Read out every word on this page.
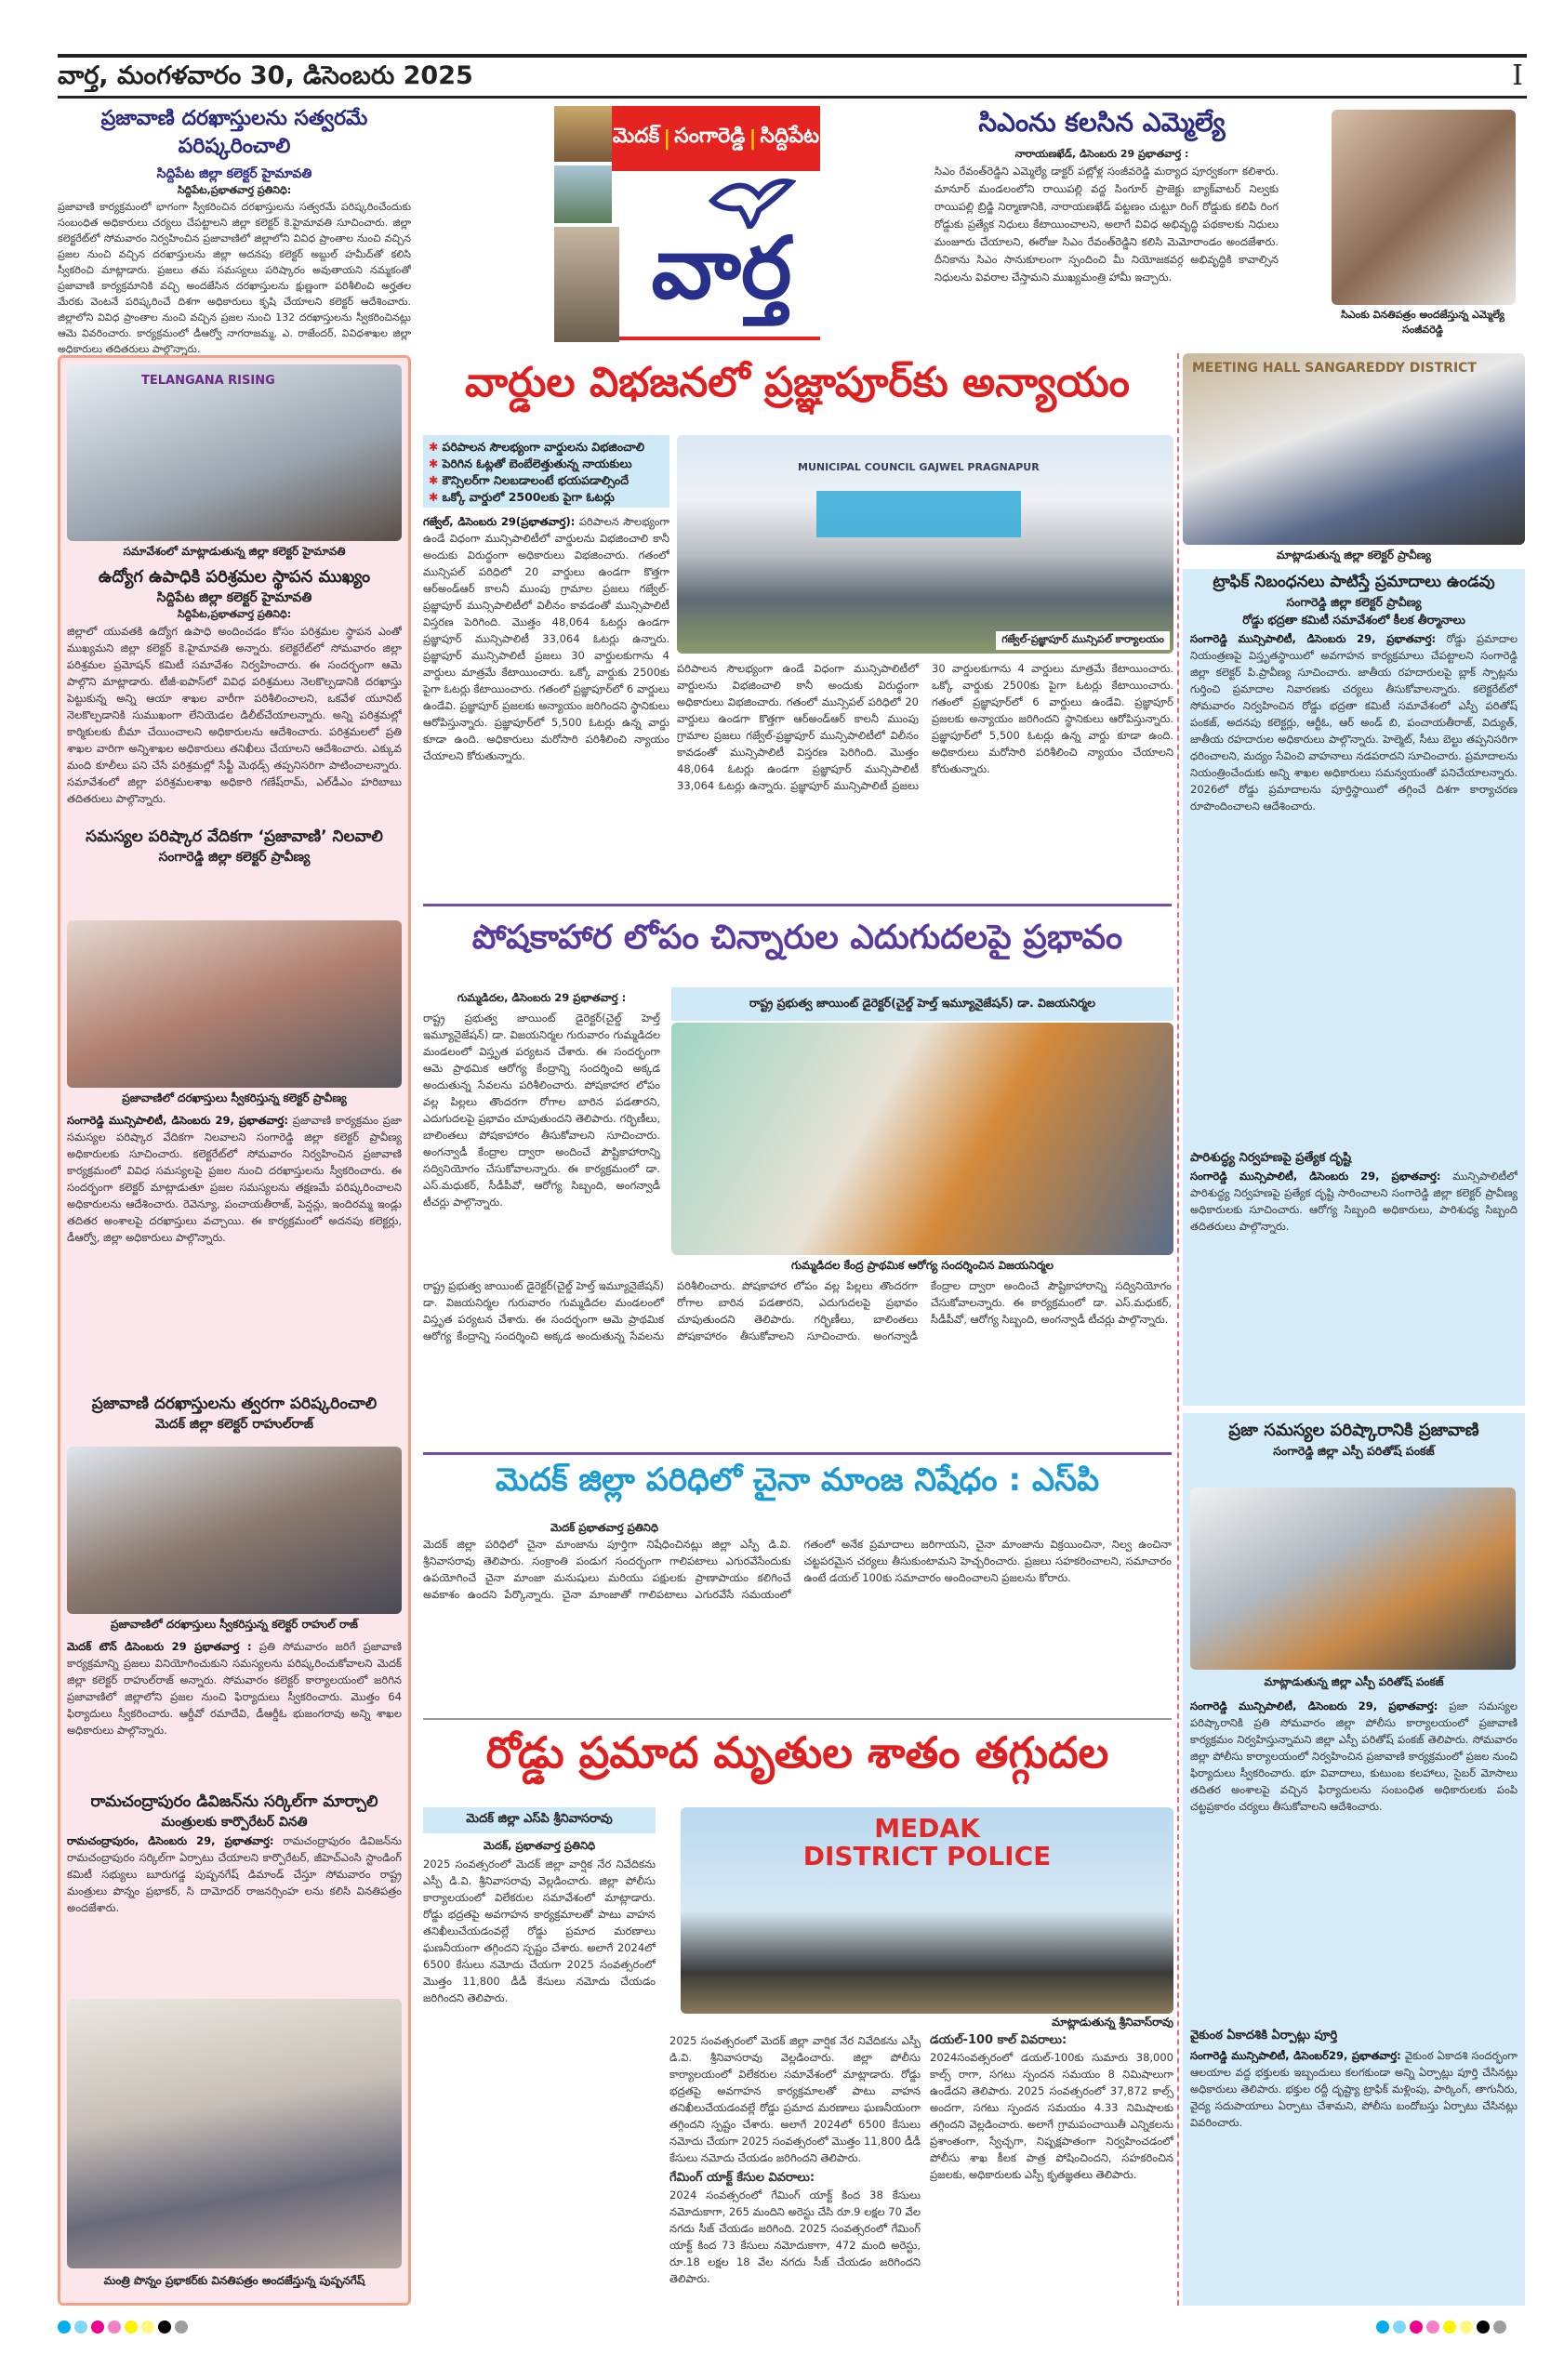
వార్త, మంగళవారం 30, డిసెంబరు 2025	I
ప్రజావాణి దరఖాస్తులను సత్వరమే పరిష్కరించాలి
సిద్దిపేట జిల్లా కలెక్టర్ హైమావతి
సిద్దిపేట,ప్రభాతవార్త ప్రతినిధి:
ప్రజావాణి కార్యక్రమంలో భాగంగా స్వీకరించిన దరఖాస్తులను సత్వరమే పరిష్కరించేందుకు సంబంధిత అధికారులు చర్యలు చేపట్టాలని జిల్లా కలెక్టర్ కె.హైమావతి సూచించారు. జిల్లా కలెక్టరేట్‌లో సోమవారం నిర్వహించిన ప్రజావాణిలో జిల్లాలోని వివిధ ప్రాంతాల నుంచి వచ్చిన ప్రజల నుంచి వచ్చిన దరఖాస్తులను జిల్లా అదనపు కలెక్టర్ అబ్దుల్ హమీద్‌తో కలిసి స్వీకరించి మాట్లాడారు. ప్రజలు తమ సమస్యలు పరిష్కారం అవుతాయని నమ్మకంతో ప్రజావాణి కార్యక్రమానికి వచ్చి అందజేసిన దరఖాస్తులను క్షుణ్ణంగా పరిశీలించి అర్హతల మేరకు వెంటనే పరిష్కరించే దిశగా అధికారులు కృషి చేయాలని కలెక్టర్ ఆదేశించారు. జిల్లాలోని వివిధ ప్రాంతాల నుంచి వచ్చిన ప్రజల నుంచి 132 దరఖాస్తులను స్వీకరించినట్లు ఆమె వివరించారు. కార్యక్రమంలో డీఆర్వో నాగరాజమ్మ, ఎ. రాజేందర్, వివిధశాఖల జిల్లా అధికారులు తదితరులు పాల్గొన్నారు.
మెదక్ | సంగారెడ్డి | సిద్దిపేట
వార్త
సిఎంను కలసిన ఎమ్మెల్యే
నారాయణఖేడ్, డిసెంబరు 29 ప్రభాతవార్త :
సిఎం రేవంత్‌రెడ్డిని ఎమ్మెల్యే డాక్టర్ పట్లోళ్ల సంజీవరెడ్డి మర్యాద పూర్వకంగా కలిశారు. మానూర్ మండలంలోని రాయిపల్లి వద్ద సింగూర్ ప్రాజెక్టు బ్యాక్‌వాటర్ నిల్వకు రాయిపల్లి బ్రిడ్జి నిర్మాణానికి, నారాయణఖేడ్ పట్టణం చుట్టూ రింగ్ రోడ్డుకు కలిపి రింగ రోడ్డుకు ప్రత్యేక నిధులు కేటాయించాలని, అలాగే వివిధ అభివృద్ధి పథకాలకు నిధులు మంజూరు చేయాలని, ఈరోజు సిఎం రేవంత్‌రెడ్డిని కలిసి మెమోరాండం అందజేశారు. దీనికాను సిఎం సానుకూలంగా స్పందించి మీ నియోజకవర్గ అభివృద్ధికి కావాల్సిన నిధులను వివరాల చేస్తామని ముఖ్యమంత్రి హామీ ఇచ్చారు.
సిఎంకు వినతిపత్రం అందజేస్తున్న ఎమ్మెల్యే సంజీవరెడ్డి
TELANGANA RISING
సమావేశంలో మాట్లాడుతున్న జిల్లా కలెక్టర్ హైమావతి
ఉద్యోగ ఉపాధికి పరిశ్రమల స్థాపన ముఖ్యం
సిద్దిపేట జిల్లా కలెక్టర్ హైమావతి
సిద్దిపేట,ప్రభాతవార్త ప్రతినిధి:
జిల్లాలో యువతకి ఉద్యోగ ఉపాధి అందించడం కోసం పరిశ్రమల స్థాపన ఎంతో ముఖ్యమని జిల్లా కలెక్టర్ కె.హైమావతి అన్నారు. కలెక్టరేట్‌లో సోమవారం జిల్లా పరిశ్రమల ప్రమోషన్ కమిటీ సమావేశం నిర్వహించారు. ఈ సందర్భంగా ఆమె పాల్గొని మాట్లాడారు. టీజీ-ఐపాస్‌లో వివిధ పరిశ్రమలు నెలకొల్పడానికి దరఖాస్తు పెట్టుకున్న అన్ని ఆయా శాఖల వారీగా పరిశీలించాలని, ఒకవేళ యూనిట్ నెలకొల్పడానికి సుముఖంగా లేనియెడల డిలీట్‌చేయాలన్నారు. అన్ని పరిశ్రమల్లో కార్మికులకు బీమా చేయించాలని అధికారులను ఆదేశించారు. పరిశ్రమలలో ప్రతి శాఖల వారిగా అన్నిశాఖల అధికారులు తనిఖీలు చేయాలని ఆదేశించారు. ఎక్కువ మంది కూలీలు పని చేసే పరిశ్రమల్లో సేఫ్టీ మెథడ్స్ తప్పనిసరిగా పాటించాలన్నారు. సమావేశంలో జిల్లా పరిశ్రమలశాఖ అధికారి గణేష్‌రామ్, ఎల్‌డీఎం హరిబాబు తదితరులు పాల్గొన్నారు.
సమస్యల పరిష్కార వేదికగా ‘ప్రజావాణి’ నిలవాలి
సంగారెడ్డి జిల్లా కలెక్టర్ ప్రావీణ్య
ప్రజావాణిలో దరఖాస్తులు స్వీకరిస్తున్న కలెక్టర్ ప్రావీణ్య
సంగారెడ్డి మున్సిపాలిటీ, డిసెంబరు 29, ప్రభాతవార్త: ప్రజావాణి కార్యక్రమం ప్రజా సమస్యల పరిష్కార వేదికగా నిలవాలని సంగారెడ్డి జిల్లా కలెక్టర్ ప్రావీణ్య అధికారులకు సూచించారు. కలెక్టరేట్‌లో సోమవారం నిర్వహించిన ప్రజావాణి కార్యక్రమంలో వివిధ సమస్యలపై ప్రజల నుంచి దరఖాస్తులను స్వీకరించారు. ఈ సందర్భంగా కలెక్టర్ మాట్లాడుతూ ప్రజల సమస్యలను తక్షణమే పరిష్కరించాలని అధికారులను ఆదేశించారు. రెవెన్యూ, పంచాయతీరాజ్, పెన్షన్లు, ఇందిరమ్మ ఇండ్లు తదితర అంశాలపై దరఖాస్తులు వచ్చాయి. ఈ కార్యక్రమంలో అదనపు కలెక్టర్లు, డీఆర్వో, జిల్లా అధికారులు పాల్గొన్నారు.
ప్రజావాణి దరఖాస్తులను త్వరగా పరిష్కరించాలి
మెదక్ జిల్లా కలెక్టర్ రాహుల్‌రాజ్
ప్రజావాణిలో దరఖాస్తులు స్వీకరిస్తున్న కలెక్టర్ రాహుల్ రాజ్
మెదక్ టౌన్ డిసెంబరు 29 ప్రభాతవార్త : ప్రతి సోమవారం జరిగే ప్రజావాణి కార్యక్రమాన్ని ప్రజలు వినియోగించుకుని సమస్యలను పరిష్కరించుకోవాలని మెదక్ జిల్లా కలెక్టర్ రాహుల్‌రాజ్ అన్నారు. సోమవారం కలెక్టర్ కార్యాలయంలో జరిగిన ప్రజావాణిలో జిల్లాలోని ప్రజల నుంచి ఫిర్యాదులు స్వీకరించారు. మొత్తం 64 ఫిర్యాదులు స్వీకరించారు. ఆర్డీవో రమాదేవి, డీఆర్డీఓ భుజంగరావు అన్ని శాఖల అధికారులు పాల్గొన్నారు.
రామచంద్రాపురం డివిజన్‌ను సర్కిల్‌గా మార్చాలి
మంత్రులకు కార్పొరేటర్ వినతి
రామచంద్రాపురం, డిసెంబరు 29, ప్రభాతవార్త: రామచంద్రాపురం డివిజన్‌ను రామచంద్రాపురం సర్కిల్‌గా ఏర్పాటు చేయాలని కార్పొరేటర్, జీహెచ్‌ఎంసి స్టాండింగ్ కమిటీ సభ్యులు బూరుగడ్డ పుష్పనగేష్ డిమాండ్ చేస్తూ సోమవారం రాష్ట్ర మంత్రులు పొన్నం ప్రభాకర్, సి దామోదర్ రాజనర్సింహ లను కలిసి వినతిపత్రం అందజేశారు.
మంత్రి పొన్నం ప్రభాకర్‌కు వినతిపత్రం అందజేస్తున్న పుష్పనగేష్
వార్డుల విభజనలో ప్రజ్ఞాపూర్‌కు అన్యాయం
✱ పరిపాలన సౌలభ్యంగా వార్డులను విభజించాలి
✱ పెరిగిన ఓట్లతో బెంబేలెత్తుతున్న నాయకులు
✱ కౌన్సిలర్‌గా నిలబడాలంటే భయపడాల్సిందే
✱ ఒక్కో వార్డులో 2500లకు పైగా ఓటర్లు
MUNICIPAL COUNCIL GAJWEL PRAGNAPUR
గజ్వేల్-ప్రజ్ఞాపూర్ మున్సిపల్ కార్యాలయం
గజ్వేల్, డిసెంబరు 29(ప్రభాతవార్త): పరిపాలన సౌలభ్యంగా ఉండే విధంగా మున్సిపాలిటీలో వార్డులను విభజించాలి కానీ అందుకు విరుద్ధంగా అధికారులు విభజించారు. గతంలో మున్సిపల్ పరిధిలో 20 వార్డులు ఉండగా కొత్తగా ఆర్‌అండ్‌ఆర్ కాలనీ ముంపు గ్రామాల ప్రజలు గజ్వేల్-ప్రజ్ఞాపూర్ మున్సిపాలిటీలో విలీనం కావడంతో మున్సిపాలిటీ విస్తరణ పెరిగింది. మొత్తం 48,064 ఓటర్లు ఉండగా ప్రజ్ఞాపూర్ మున్సిపాలిటీ 33,064 ఓటర్లు ఉన్నారు. ప్రజ్ఞాపూర్ మున్సిపాలిటీ ప్రజలు 30 వార్డులకుగాను 4 వార్డులు మాత్రమే కేటాయించారు. ఒక్కో వార్డుకు 2500కు పైగా ఓటర్లు కేటాయించారు. గతంలో ప్రజ్ఞాపూర్‌లో 6 వార్డులు ఉండేవి. ప్రజ్ఞాపూర్ ప్రజలకు అన్యాయం జరిగిందని స్థానికులు ఆరోపిస్తున్నారు. ప్రజ్ఞాపూర్‌లో 5,500 ఓటర్లు ఉన్న వార్డు కూడా ఉంది. అధికారులు మరోసారి పరిశీలించి న్యాయం చేయాలని కోరుతున్నారు.
పరిపాలన సౌలభ్యంగా ఉండే విధంగా మున్సిపాలిటీలో వార్డులను విభజించాలి కానీ అందుకు విరుద్ధంగా అధికారులు విభజించారు. గతంలో మున్సిపల్ పరిధిలో 20 వార్డులు ఉండగా కొత్తగా ఆర్‌అండ్‌ఆర్ కాలనీ ముంపు గ్రామాల ప్రజలు గజ్వేల్-ప్రజ్ఞాపూర్ మున్సిపాలిటీలో విలీనం కావడంతో మున్సిపాలిటీ విస్తరణ పెరిగింది. మొత్తం 48,064 ఓటర్లు ఉండగా ప్రజ్ఞాపూర్ మున్సిపాలిటీ 33,064 ఓటర్లు ఉన్నారు. ప్రజ్ఞాపూర్ మున్సిపాలిటీ ప్రజలు 30 వార్డులకుగాను 4 వార్డులు మాత్రమే కేటాయించారు. ఒక్కో వార్డుకు 2500కు పైగా ఓటర్లు కేటాయించారు. గతంలో ప్రజ్ఞాపూర్‌లో 6 వార్డులు ఉండేవి. ప్రజ్ఞాపూర్ ప్రజలకు అన్యాయం జరిగిందని స్థానికులు ఆరోపిస్తున్నారు. ప్రజ్ఞాపూర్‌లో 5,500 ఓటర్లు ఉన్న వార్డు కూడా ఉంది. అధికారులు మరోసారి పరిశీలించి న్యాయం చేయాలని కోరుతున్నారు.
పోషకాహార లోపం చిన్నారుల ఎదుగుదలపై ప్రభావం
గుమ్మడిదల, డిసెంబరు 29 ప్రభాతవార్త :
రాష్ట్ర ప్రభుత్వ జాయింట్ డైరెక్టర్(చైల్డ్ హెల్త్ ఇమ్యూనైజేషన్) డా. విజయనిర్మల గురువారం గుమ్మడిదల మండలంలో విస్తృత పర్యటన చేశారు. ఈ సందర్భంగా ఆమె ప్రాథమిక ఆరోగ్య కేంద్రాన్ని సందర్శించి అక్కడ అందుతున్న సేవలను పరిశీలించారు. పోషకాహార లోపం వల్ల పిల్లలు తొందరగా రోగాల బారిన పడతారని, ఎదుగుదలపై ప్రభావం చూపుతుందని తెలిపారు. గర్భిణీలు, బాలింతలు పోషకాహారం తీసుకోవాలని సూచించారు. అంగన్వాడీ కేంద్రాల ద్వారా అందించే పౌష్టికాహారాన్ని సద్వినియోగం చేసుకోవాలన్నారు. ఈ కార్యక్రమంలో డా. ఎస్.మధుకర్, సీడీపీవో, ఆరోగ్య సిబ్బంది, అంగన్వాడీ టీచర్లు పాల్గొన్నారు.
రాష్ట్ర ప్రభుత్వ జాయింట్ డైరెక్టర్(చైల్డ్ హెల్త్ ఇమ్యూనైజేషన్) డా. విజయనిర్మల
గుమ్మడిదల కేంద్ర ప్రాథమిక ఆరోగ్య సందర్శించిన విజయనిర్మల
రాష్ట్ర ప్రభుత్వ జాయింట్ డైరెక్టర్(చైల్డ్ హెల్త్ ఇమ్యూనైజేషన్) డా. విజయనిర్మల గురువారం గుమ్మడిదల మండలంలో విస్తృత పర్యటన చేశారు. ఈ సందర్భంగా ఆమె ప్రాథమిక ఆరోగ్య కేంద్రాన్ని సందర్శించి అక్కడ అందుతున్న సేవలను పరిశీలించారు. పోషకాహార లోపం వల్ల పిల్లలు తొందరగా రోగాల బారిన పడతారని, ఎదుగుదలపై ప్రభావం చూపుతుందని తెలిపారు. గర్భిణీలు, బాలింతలు పోషకాహారం తీసుకోవాలని సూచించారు. అంగన్వాడీ కేంద్రాల ద్వారా అందించే పౌష్టికాహారాన్ని సద్వినియోగం చేసుకోవాలన్నారు. ఈ కార్యక్రమంలో డా. ఎస్.మధుకర్, సీడీపీవో, ఆరోగ్య సిబ్బంది, అంగన్వాడీ టీచర్లు పాల్గొన్నారు.
మెదక్ జిల్లా పరిధిలో చైనా మాంజ నిషేధం : ఎస్‌పి
మెదక్ ప్రభాతవార్త ప్రతినిధి
మెదక్ జిల్లా పరిధిలో చైనా మాంజాను పూర్తిగా నిషేధించినట్లు జిల్లా ఎస్పీ డి.వి. శ్రీనివాసరావు తెలిపారు. సంక్రాంతి పండుగ సందర్భంగా గాలిపటాలు ఎగురవేసేందుకు ఉపయోగించే చైనా మాంజా మనుషులు మరియు పక్షులకు ప్రాణాపాయం కలిగించే అవకాశం ఉందని పేర్కొన్నారు. చైనా మాంజాతో గాలిపటాలు ఎగురవేసే సమయంలో గతంలో అనేక ప్రమాదాలు జరిగాయని, చైనా మాంజాను విక్రయించినా, నిల్వ ఉంచినా చట్టపరమైన చర్యలు తీసుకుంటామని హెచ్చరించారు. ప్రజలు సహకరించాలని, సమాచారం ఉంటే డయల్ 100కు సమాచారం అందించాలని ప్రజలను కోరారు.
రోడ్డు ప్రమాద మృతుల శాతం తగ్గుదల
మెదక్ జిల్లా ఎస్‌పి శ్రీనివాసరావు
మెదక్, ప్రభాతవార్త ప్రతినిధి
2025 సంవత్సరంలో మెదక్ జిల్లా వార్షిక నేర నివేదికను ఎస్పీ డి.వి. శ్రీనివాసరావు వెల్లడించారు. జిల్లా పోలీసు కార్యాలయంలో విలేకరుల సమావేశంలో మాట్లాడారు. రోడ్డు భద్రతపై అవగాహన కార్యక్రమాలతో పాటు వాహన తనిఖీలుచేయడంవల్లే రోడ్డు ప్రమాద మరణాలు ఘణనీయంగా తగ్గిందని స్పష్టం చేశారు. అలాగే 2024లో 6500 కేసులు నమోదు చేయగా 2025 సంవత్సరంలో మొత్తం 11,800 డీడీ కేసులు నమోదు చేయడం జరిగిందని తెలిపారు.
MEDAK
DISTRICT POLICE
మాట్లాడుతున్న శ్రీనివాస్‌రావు
2025 సంవత్సరంలో మెదక్ జిల్లా వార్షిక నేర నివేదికను ఎస్పీ డి.వి. శ్రీనివాసరావు వెల్లడించారు. జిల్లా పోలీసు కార్యాలయంలో విలేకరుల సమావేశంలో మాట్లాడారు. రోడ్డు భద్రతపై అవగాహన కార్యక్రమాలతో పాటు వాహన తనిఖీలుచేయడంవల్లే రోడ్డు ప్రమాద మరణాలు ఘణనీయంగా తగ్గిందని స్పష్టం చేశారు. అలాగే 2024లో 6500 కేసులు నమోదు చేయగా 2025 సంవత్సరంలో మొత్తం 11,800 డీడీ కేసులు నమోదు చేయడం జరిగిందని తెలిపారు.
గేమింగ్ యాక్ట్ కేసుల వివరాలు:
2024 సంవత్సరంలో గేమింగ్ యాక్ట్ కింద 38 కేసులు నమోదుకాగా, 265 మందిని అరెస్టు చేసి రూ.9 లక్షల 70 వేల నగదు సీజ్ చేయడం జరిగింది. 2025 సంవత్సరంలో గేమింగ్ యాక్ట్ కింద 73 కేసులు నమోదుకాగా, 472 మంది అరెస్టు, రూ.18 లక్షల 18 వేల నగదు సీజ్ చేయడం జరిగిందని తెలిపారు.
డయల్-100 కాల్ వివరాలు:
2024సంవత్సరంలో డయల్-100కు సుమారు 38,000 కాల్స్ రాగా, సగటు స్పందన సమయం 8 నిమిషాలుగా ఉండేదని తెలిపారు. 2025 సంవత్సరంలో 37,872 కాల్స్ అందగా, సగటు స్పందన సమయం 4.33 నిమిషాలకు తగ్గిందని వెల్లడించారు. అలాగే గ్రామపంచాయితీ ఎన్నికలను ప్రశాంతంగా, స్వేచ్ఛగా, నిష్పక్షపాతంగా నిర్వహించడంలో పోలీసు శాఖ కీలక పాత్ర పోషించిందని, సహకరించిన ప్రజలకు, అధికారులకు ఎస్పీ కృతజ్ఞతలు తెలిపారు.
MEETING HALL SANGAREDDY DISTRICT
మాట్లాడుతున్న జిల్లా కలెక్టర్ ప్రావీణ్య
ట్రాఫిక్ నిబంధనలు పాటిస్తే ప్రమాదాలు ఉండవు
సంగారెడ్డి జిల్లా కలెక్టర్ ప్రావీణ్య
రోడ్డు భద్రతా కమిటీ సమావేశంలో కీలక తీర్మానాలు
సంగారెడ్డి మున్సిపాలిటీ, డిసెంబరు 29, ప్రభాతవార్త: రోడ్డు ప్రమాదాల నియంత్రణపై విస్తృతస్థాయిలో అవగాహన కార్యక్రమాలు చేపట్టాలని సంగారెడ్డి జిల్లా కలెక్టర్ పి.ప్రావీణ్య సూచించారు. జాతీయ రహదారులపై బ్లాక్ స్పాట్లను గుర్తించి ప్రమాదాల నివారణకు చర్యలు తీసుకోవాలన్నారు. కలెక్టరేట్‌లో సోమవారం నిర్వహించిన రోడ్డు భద్రతా కమిటీ సమావేశంలో ఎస్పీ పరితోష్ పంకజ్, అదనపు కలెక్టర్లు, ఆర్టీఓ, ఆర్ అండ్ బి, పంచాయతీరాజ్, విద్యుత్, జాతీయ రహదారుల అధికారులు పాల్గొన్నారు. హెల్మెట్, సీటు బెల్టు తప్పనిసరిగా ధరించాలని, మద్యం సేవించి వాహనాలు నడపరాదని సూచించారు. ప్రమాదాలను నియంత్రించేందుకు అన్ని శాఖల అధికారులు సమన్వయంతో పనిచేయాలన్నారు. 2026లో రోడ్డు ప్రమాదాలను పూర్తిస్థాయిలో తగ్గించే దిశగా కార్యాచరణ రూపొందించాలని ఆదేశించారు.
పారిశుద్ధ్య నిర్వహణపై ప్రత్యేక దృష్టి
సంగారెడ్డి మున్సిపాలిటీ, డిసెంబరు 29, ప్రభాతవార్త: మున్సిపాలిటీలో పారిశుద్ధ్య నిర్వహణపై ప్రత్యేక దృష్టి సారించాలని సంగారెడ్డి జిల్లా కలెక్టర్ ప్రావీణ్య అధికారులకు సూచించారు. ఆరోగ్య సిబ్బంది అధికారులు, పారిశుధ్య సిబ్బంది తదితరులు పాల్గొన్నారు.
ప్రజా సమస్యల పరిష్కారానికి ప్రజావాణి
సంగారెడ్డి జిల్లా ఎస్పీ పరితోష్ పంకజ్
మాట్లాడుతున్న జిల్లా ఎస్పీ పరితోష్ పంకజ్
సంగారెడ్డి మున్సిపాలిటీ, డిసెంబరు 29, ప్రభాతవార్త: ప్రజా సమస్యల పరిష్కారానికి ప్రతి సోమవారం జిల్లా పోలీసు కార్యాలయంలో ప్రజావాణి కార్యక్రమం నిర్వహిస్తున్నామని జిల్లా ఎస్పీ పరితోష్ పంకజ్ తెలిపారు. సోమవారం జిల్లా పోలీసు కార్యాలయంలో నిర్వహించిన ప్రజావాణి కార్యక్రమంలో ప్రజల నుంచి ఫిర్యాదులు స్వీకరించారు. భూ వివాదాలు, కుటుంబ కలహాలు, సైబర్ మోసాలు తదితర అంశాలపై వచ్చిన ఫిర్యాదులను సంబంధిత అధికారులకు పంపి చట్టప్రకారం చర్యలు తీసుకోవాలని ఆదేశించారు.
వైకుంఠ ఏకాదశికి ఏర్పాట్లు పూర్తి
సంగారెడ్డి మున్సిపాలిటీ, డిసెంబర్29, ప్రభాతవార్త: వైకుంఠ ఏకాదశి సందర్భంగా ఆలయాల వద్ద భక్తులకు ఇబ్బందులు కలగకుండా అన్ని ఏర్పాట్లు పూర్తి చేసినట్లు అధికారులు తెలిపారు. భక్తుల రద్దీ దృష్ట్యా ట్రాఫిక్ మళ్లింపు, పార్కింగ్, తాగునీరు, వైద్య సదుపాయాలు ఏర్పాటు చేశామని, పోలీసు బందోబస్తు ఏర్పాటు చేసినట్లు వివరించారు.
